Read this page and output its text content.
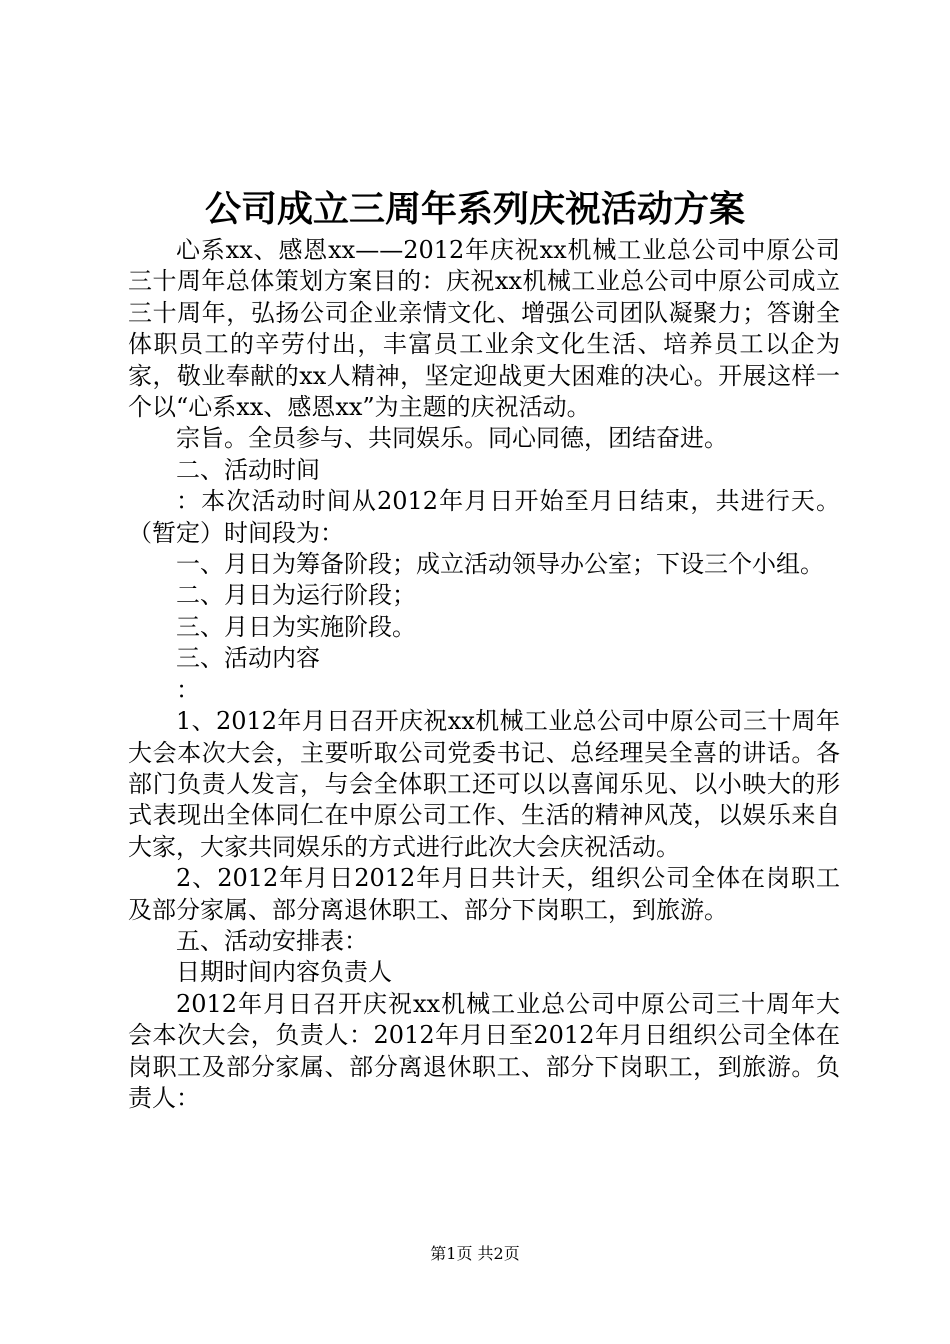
公司成立三周年系列庆祝活动方案

心系xx、感恩xx——2012年庆祝xx机械工业总公司中原公司三十周年总体策划方案目的：庆祝xx机械工业总公司中原公司成立三十周年，弘扬公司企业亲情文化、增强公司团队凝聚力；答谢全体职员工的辛劳付出，丰富员工业余文化生活、培养员工以企为家，敬业奉献的xx人精神，坚定迎战更大困难的决心。开展这样一个以“心系xx、感恩xx”为主题的庆祝活动。

宗旨。全员参与、共同娱乐。同心同德，团结奋进。

二、活动时间

：本次活动时间从2012年月日开始至月日结束，共进行天。（暂定）时间段为：

一、月日为筹备阶段；成立活动领导办公室；下设三个小组。

二、月日为运行阶段；

三、月日为实施阶段。

三、活动内容

：

1、2012年月日召开庆祝xx机械工业总公司中原公司三十周年大会本次大会，主要听取公司党委书记、总经理吴全喜的讲话。各部门负责人发言，与会全体职工还可以以喜闻乐见、以小映大的形式表现出全体同仁在中原公司工作、生活的精神风茂，以娱乐来自大家，大家共同娱乐的方式进行此次大会庆祝活动。

2、2012年月日2012年月日共计天，组织公司全体在岗职工及部分家属、部分离退休职工、部分下岗职工，到旅游。

五、活动安排表：

日期时间内容负责人

2012年月日召开庆祝xx机械工业总公司中原公司三十周年大会本次大会，负责人：2012年月日至2012年月日组织公司全体在岗职工及部分家属、部分离退休职工、部分下岗职工，到旅游。负责人：

第1页 共2页
